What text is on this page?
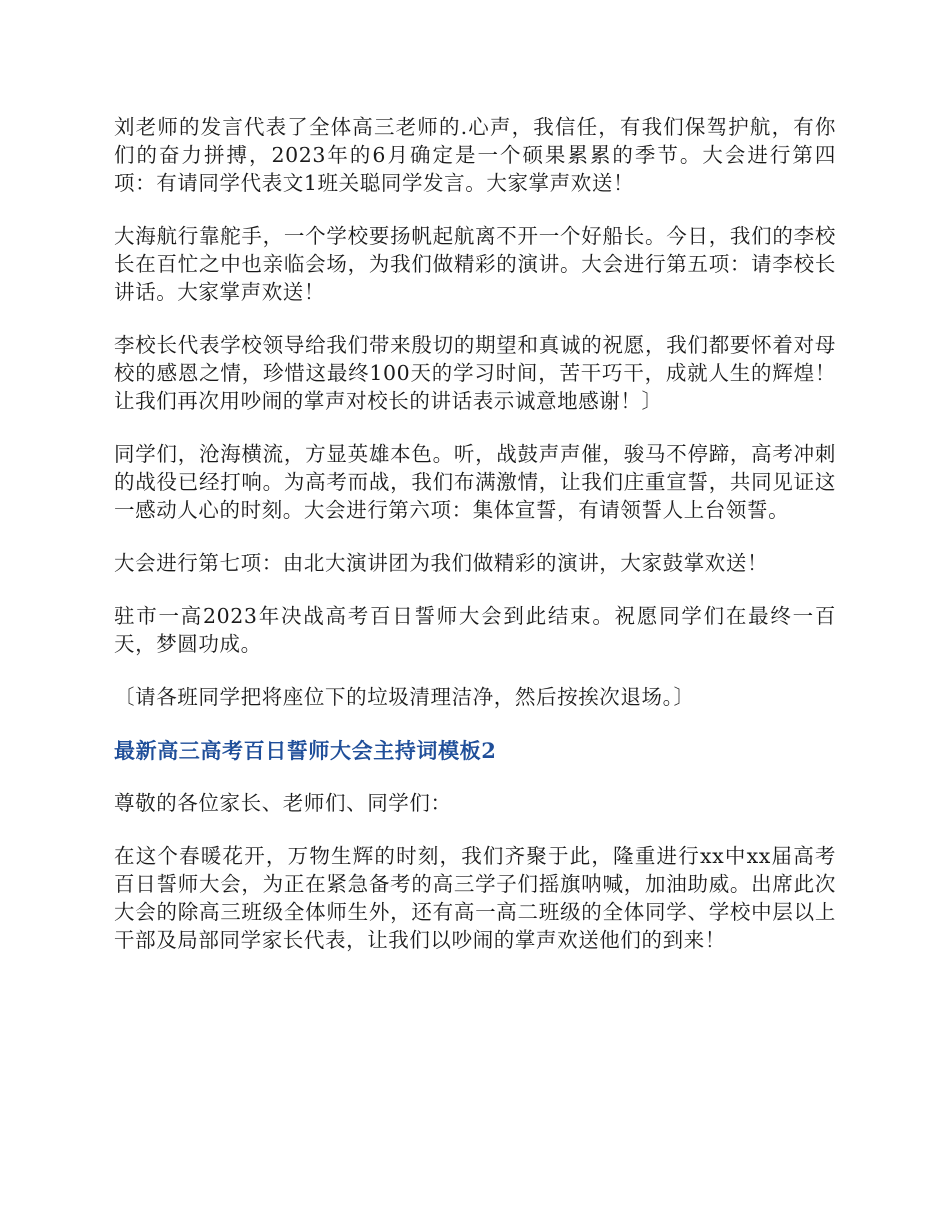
刘老师的发言代表了全体高三老师的.心声，我信任，有我们保驾护航，有你们的奋力拼搏，2023年的6月确定是一个硕果累累的季节。大会进行第四项：有请同学代表文1班关聪同学发言。大家掌声欢送！

大海航行靠舵手，一个学校要扬帆起航离不开一个好船长。今日，我们的李校长在百忙之中也亲临会场，为我们做精彩的演讲。大会进行第五项：请李校长讲话。大家掌声欢送！

李校长代表学校领导给我们带来殷切的期望和真诚的祝愿，我们都要怀着对母校的感恩之情，珍惜这最终100天的学习时间，苦干巧干，成就人生的辉煌！让我们再次用吵闹的掌声对校长的讲话表示诚意地感谢！〕

同学们，沧海横流，方显英雄本色。听，战鼓声声催，骏马不停蹄，高考冲刺的战役已经打响。为高考而战，我们布满激情，让我们庄重宣誓，共同见证这一感动人心的时刻。大会进行第六项：集体宣誓，有请领誓人上台领誓。

大会进行第七项：由北大演讲团为我们做精彩的演讲，大家鼓掌欢送！

驻市一高2023年决战高考百日誓师大会到此结束。祝愿同学们在最终一百天，梦圆功成。

〔请各班同学把将座位下的垃圾清理洁净，然后按挨次退场。〕

最新高三高考百日誓师大会主持词模板2

尊敬的各位家长、老师们、同学们：

在这个春暖花开，万物生辉的时刻，我们齐聚于此，隆重进行xx中xx届高考百日誓师大会，为正在紧急备考的高三学子们摇旗呐喊，加油助威。出席此次大会的除高三班级全体师生外，还有高一高二班级的全体同学、学校中层以上干部及局部同学家长代表，让我们以吵闹的掌声欢送他们的到来！
